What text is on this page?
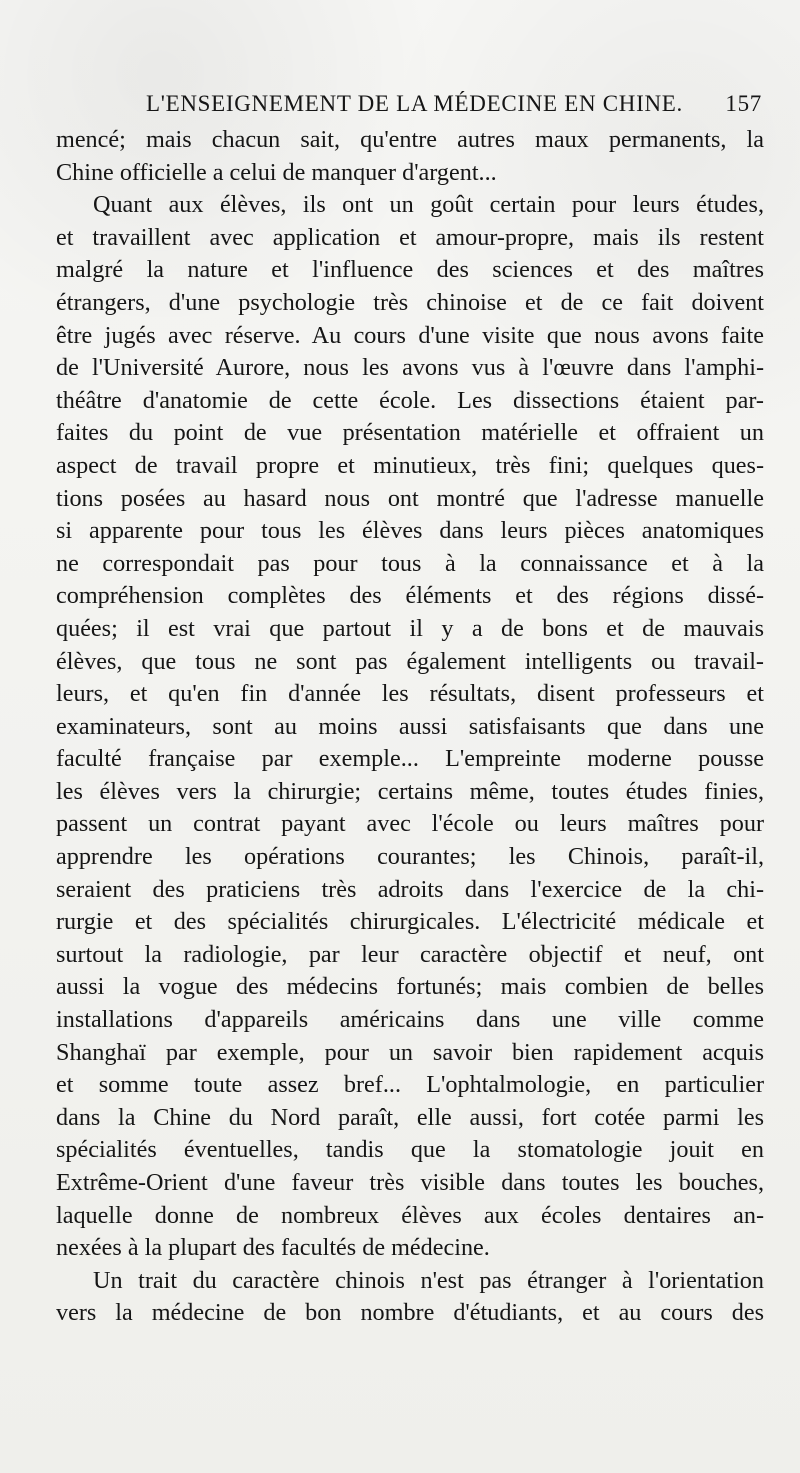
L'ENSEIGNEMENT DE LA MÉDECINE EN CHINE. 157
mencé; mais chacun sait, qu'entre autres maux permanents, la
Chine officielle a celui de manquer d'argent...
Quant aux élèves, ils ont un goût certain pour leurs études,
et travaillent avec application et amour-propre, mais ils restent
malgré la nature et l'influence des sciences et des maîtres
étrangers, d'une psychologie très chinoise et de ce fait doivent
être jugés avec réserve. Au cours d'une visite que nous avons faite
de l'Université Aurore, nous les avons vus à l'œuvre dans l'amphi-
théâtre d'anatomie de cette école. Les dissections étaient par-
faites du point de vue présentation matérielle et offraient un
aspect de travail propre et minutieux, très fini; quelques ques-
tions posées au hasard nous ont montré que l'adresse manuelle
si apparente pour tous les élèves dans leurs pièces anatomiques
ne correspondait pas pour tous à la connaissance et à la
compréhension complètes des éléments et des régions dissé-
quées; il est vrai que partout il y a de bons et de mauvais
élèves, que tous ne sont pas également intelligents ou travail-
leurs, et qu'en fin d'année les résultats, disent professeurs et
examinateurs, sont au moins aussi satisfaisants que dans une
faculté française par exemple... L'empreinte moderne pousse
les élèves vers la chirurgie; certains même, toutes études finies,
passent un contrat payant avec l'école ou leurs maîtres pour
apprendre les opérations courantes; les Chinois, paraît-il,
seraient des praticiens très adroits dans l'exercice de la chi-
rurgie et des spécialités chirurgicales. L'électricité médicale et
surtout la radiologie, par leur caractère objectif et neuf, ont
aussi la vogue des médecins fortunés; mais combien de belles
installations d'appareils américains dans une ville comme
Shanghaï par exemple, pour un savoir bien rapidement acquis
et somme toute assez bref... L'ophtalmologie, en particulier
dans la Chine du Nord paraît, elle aussi, fort cotée parmi les
spécialités éventuelles, tandis que la stomatologie jouit en
Extrême-Orient d'une faveur très visible dans toutes les bouches,
laquelle donne de nombreux élèves aux écoles dentaires an-
nexées à la plupart des facultés de médecine.
Un trait du caractère chinois n'est pas étranger à l'orientation
vers la médecine de bon nombre d'étudiants, et au cours des
